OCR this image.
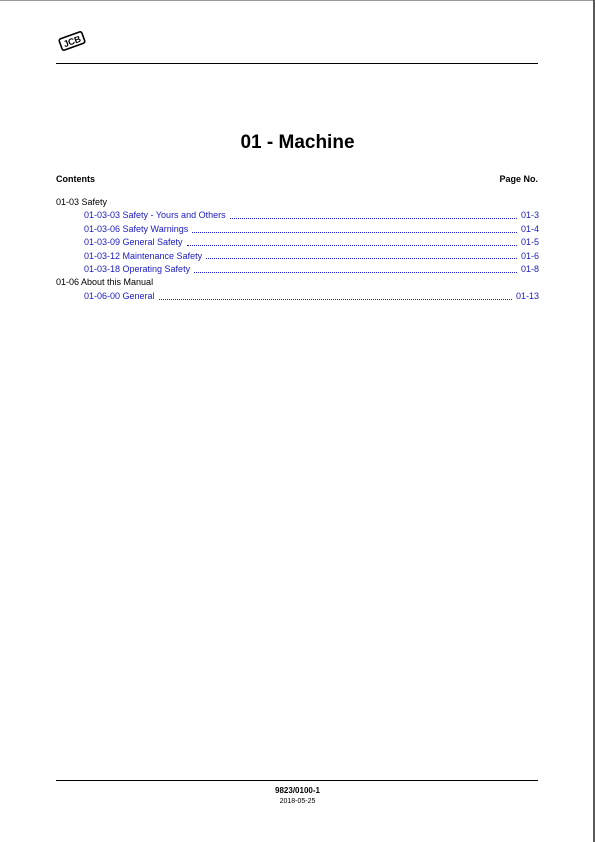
JCB
01 - Machine
Contents	Page No.
01-03 Safety
01-03-03 Safety - Yours and Others	01-3
01-03-06 Safety Warnings	01-4
01-03-09 General Safety	01-5
01-03-12 Maintenance Safety	01-6
01-03-18 Operating Safety	01-8
01-06 About this Manual
01-06-00 General	01-13
9823/0100-1
2018-05-25
